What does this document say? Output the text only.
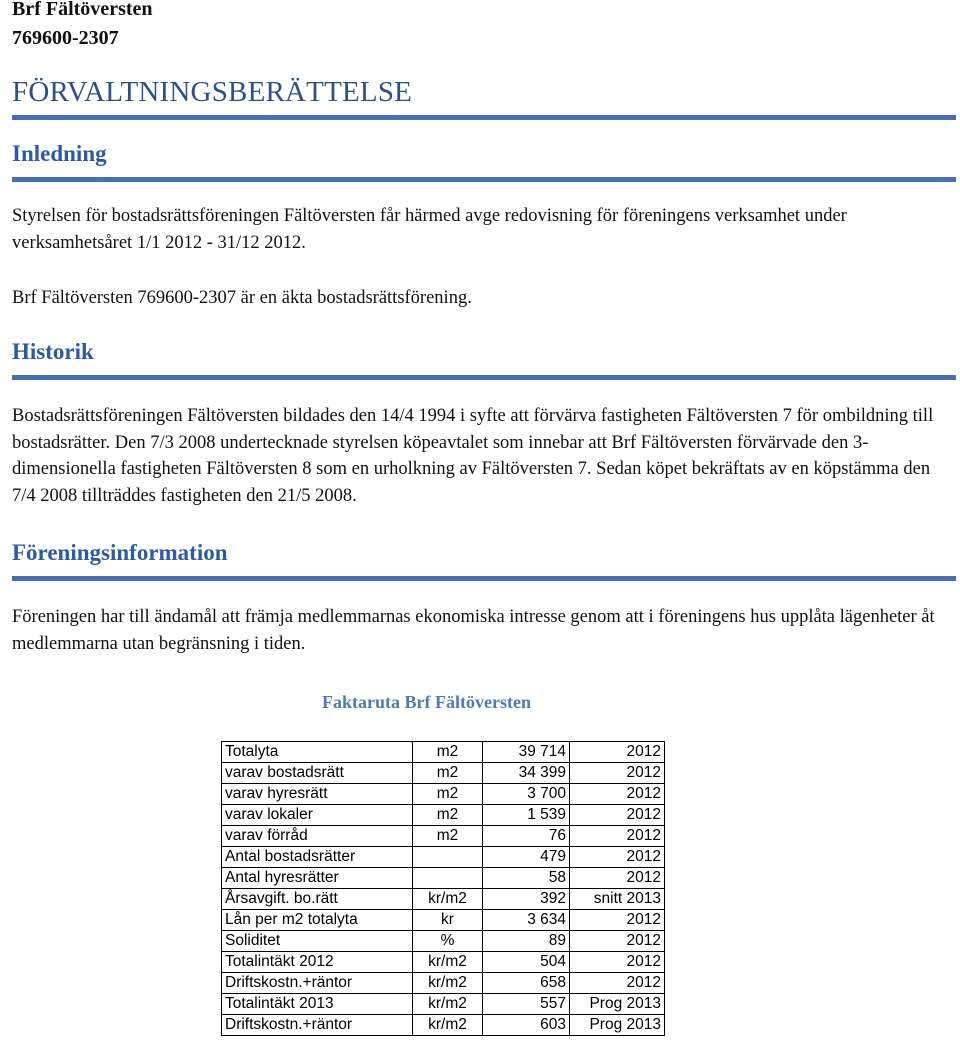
Brf Fältöversten
769600-2307
FÖRVALTNINGSBERÄTTELSE
Inledning
Styrelsen för bostadsrättsföreningen Fältöversten får härmed avge redovisning för föreningens verksamhet under verksamhetsåret 1/1 2012 - 31/12 2012.
Brf Fältöversten 769600-2307 är en äkta bostadsrättsförening.
Historik
Bostadsrättsföreningen Fältöversten bildades den 14/4 1994 i syfte att förvärva fastigheten Fältöversten 7 för ombildning till bostadsrätter. Den 7/3 2008 undertecknade styrelsen köpeavtalet som innebar att Brf Fältöversten förvärvade den 3-dimensionella fastigheten Fältöversten 8 som en urholkning av Fältöversten 7. Sedan köpet bekräftats av en köpstämma den 7/4 2008 tillträddes fastigheten den 21/5 2008.
Föreningsinformation
Föreningen har till ändamål att främja medlemmarnas ekonomiska intresse genom att i föreningens hus upplåta lägenheter åt medlemmarna utan begränsning i tiden.
Faktaruta Brf Fältöversten
Totalyta	m2	39 714	2012
varav bostadsrätt	m2	34 399	2012
varav hyresrätt	m2	3 700	2012
varav lokaler	m2	1 539	2012
varav förråd	m2	76	2012
Antal bostadsrätter		479	2012
Antal hyresrätter		58	2012
Årsavgift. bo.rätt	kr/m2	392	snitt 2013
Lån per m2 totalyta	kr	3 634	2012
Soliditet	%	89	2012
Totalintäkt 2012	kr/m2	504	2012
Driftskostn.+räntor	kr/m2	658	2012
Totalintäkt 2013	kr/m2	557	Prog 2013
Driftskostn.+räntor	kr/m2	603	Prog 2013
